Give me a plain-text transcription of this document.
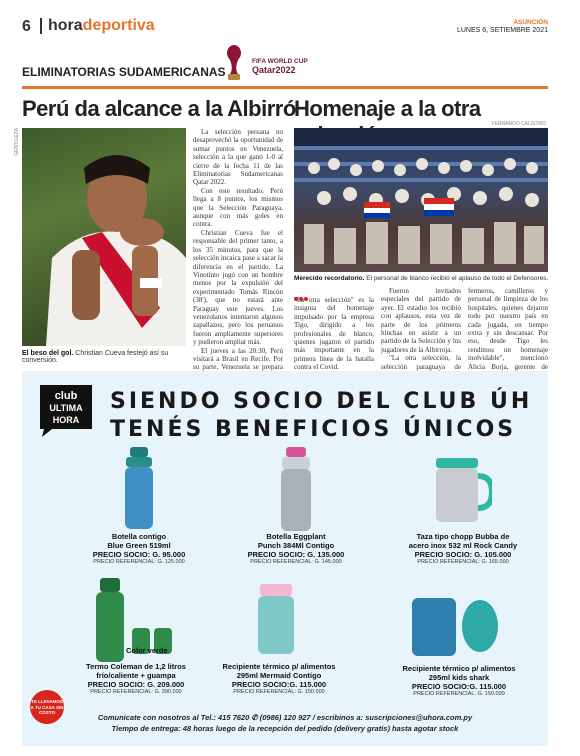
6 horadeportiva	ASUNCIÓN
LUNES 6, SETIEMBRE 2021
ELIMINATORIAS SUDAMERICANAS
FIFA WORLD CUP
Qatar2022
Perú da alcance a la Albirró
GENTILEZA
El beso del gol. Christian Cueva festejó así su conversión.

La selección peruana no desaprovechó la oportunidad de sumar puntos en Venezuela, selección a la que ganó 1-0 al cierre de la fecha 11 de las Eliminatorias Sudamericanas Qatar 2022.

Con este resultado, Perú llega a 8 puntos, los mismos que la Selección Paraguaya, aunque con más goles en contra.

Christian Cueva fue el responsable del primer tanto, a los 35 minutos, para que la selección incaica pase a sacar la diferencia en el partido. La Vinotinto jugó con un hombre menos por la expulsión del experimentado Tomás Rincón (38'), que no estará ante Paraguay este jueves. Los venezolanos intentaron algunos zapallazos, pero los peruanos fueron ampliamente superiores y pudieron ampliar más.

El jueves a las 20:30, Perú visitará a Brasil en Recife. Por su parte, Venezuela se prepara

Homenaje a la otra
FERNANDO CALISTRO
Merecido recordatorio. El personal de blanco recibió el aplauso de todo el Defensores.

"La otra selección" es la insignia del homenaje impulsado por la empresa Tigo, dirigido a los profesionales de blanco, quienes jugaron el partido más importante en la primera línea de la batalla contra el Covid.

Fueron invitados especiales del partido de ayer. El estadio los recibió con aplausos, esta vez de parte de los primeros hinchas en asistir a un partido de la Selección y los jugadores de la Albirroja.

"La otra selección, la selección paraguaya de

fermeros, camilleros y personal de limpieza de los hospitales, quienes dejaron todo por nuestro país en cada jugada, en tiempo extra y sin descansar. Por eso, desde Tigo les rendimos un homenaje inolvidable", mencionó Alicia Borja, gerente de

club
ULTIMA
HORA
SIENDO SOCIO DEL CLUB ÚH
TENÉS BENEFICIOS ÚNICOS
Botella contigo
Blue Green 519ml
PRECIO SOCIO: G. 95.000
PRECIO REFERENCIAL: G. 125.000
Botella Eggplant
Punch 384Ml Contigo
PRECIO SOCIO: G. 135.000
PRECIO REFERENCIAL: G. 145.000
Taza tipo chopp Bubba de
acero inox 532 ml Rock Candy
PRECIO SOCIO: G. 105.000
PRECIO REFERENCIAL: G. 165.000
Color verde
Termo Coleman de 1,2 litros
frío/caliente + guampa
PRECIO SOCIO: G. 209.000
PRECIO REFERENCIAL: G. 390.000
Recipiente térmico p/ alimentos
295ml Mermaid Contigo
PRECIO SOCIO:G. 115.000
PRECIO REFERENCIAL: G. 150.000
Recipiente térmico p/ alimentos
295ml kids shark
PRECIO SOCIO:G. 115.000
PRECIO REFERENCIAL: G. 150.000
TE LLEVAMOS A TU CASA SIN COSTO
Comunicate con nosotros al Tel.: 415 7620 ✆ (0986) 120 927 / escribinos a: suscripciones@uhora.com.py
Tiempo de entrega: 48 horas luego de la recepción del pedido (delivery gratis) hasta agotar stock
